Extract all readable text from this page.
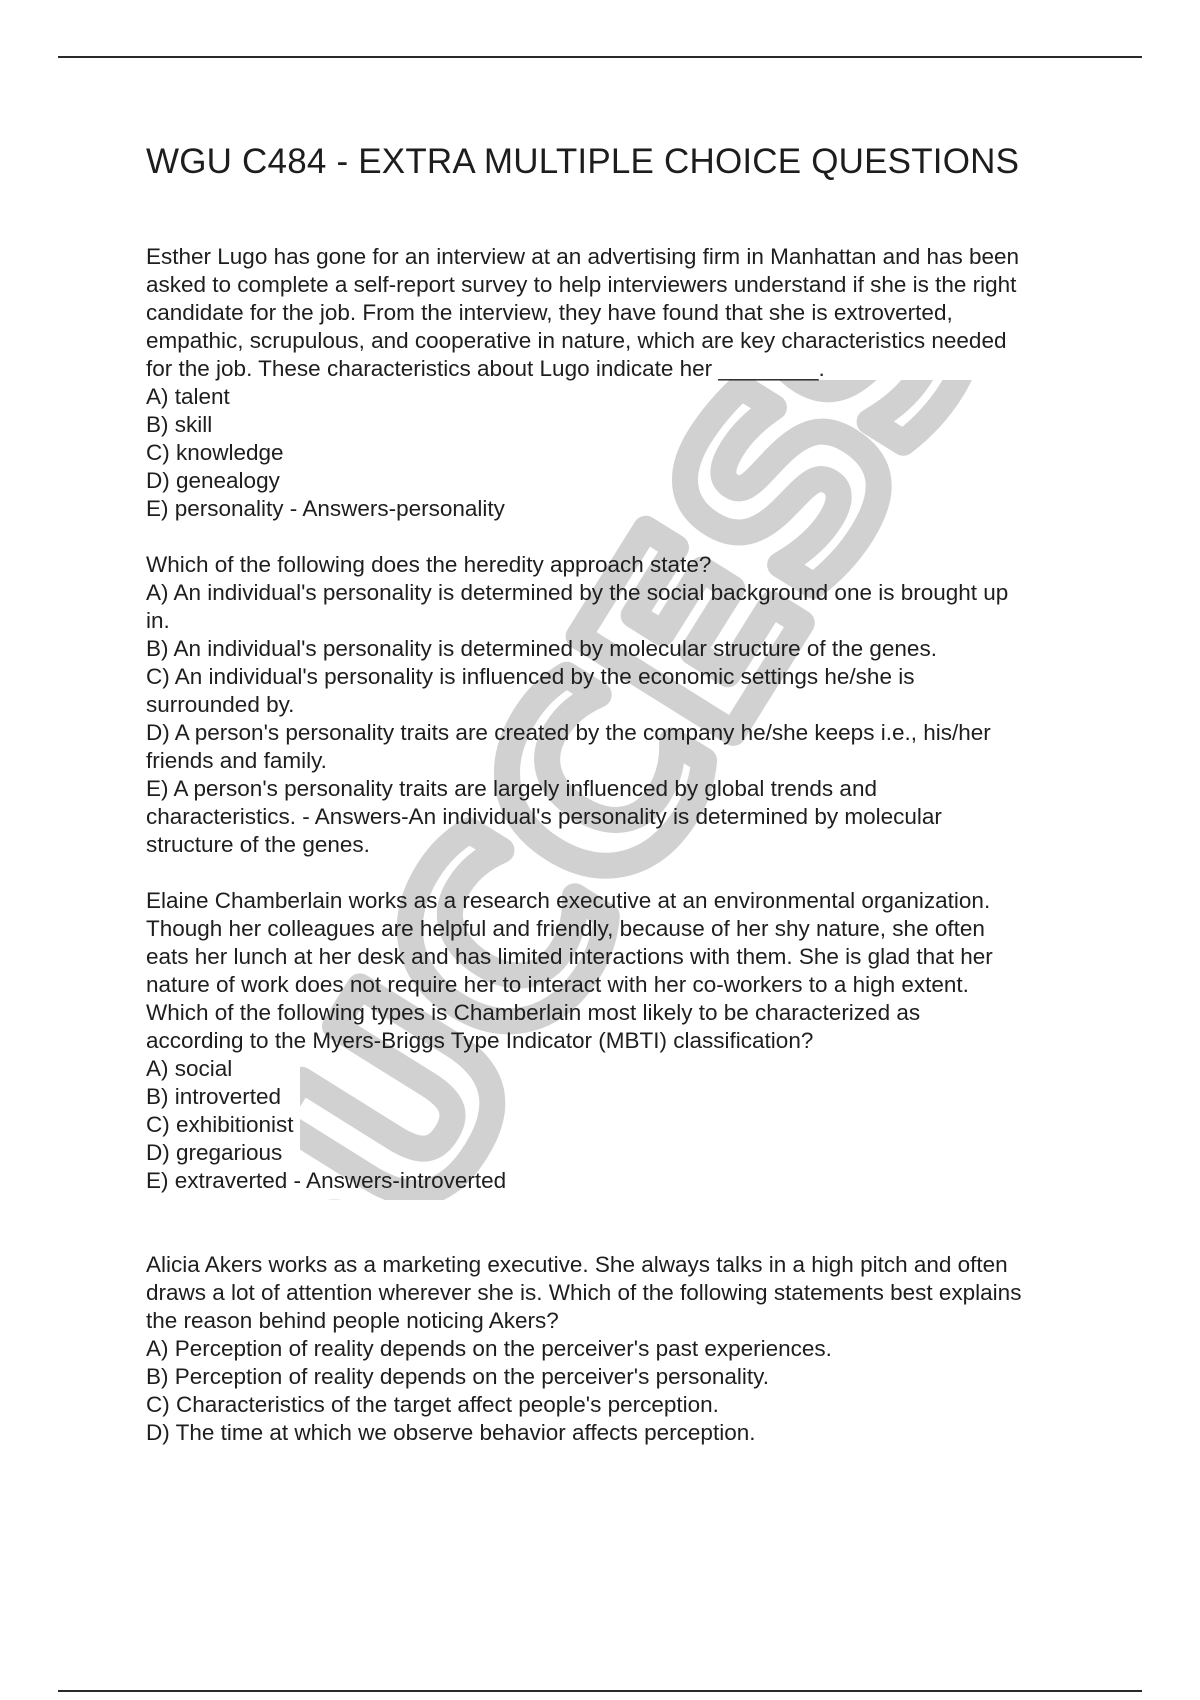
SUCCESS
WGU C484 - EXTRA MULTIPLE CHOICE QUESTIONS
Esther Lugo has gone for an interview at an advertising firm in Manhattan and has been
asked to complete a self-report survey to help interviewers understand if she is the right
candidate for the job. From the interview, they have found that she is extroverted,
empathic, scrupulous, and cooperative in nature, which are key characteristics needed
for the job. These characteristics about Lugo indicate her ________.
A) talent
B) skill
C) knowledge
D) genealogy
E) personality - Answers-personality
Which of the following does the heredity approach state?
A) An individual's personality is determined by the social background one is brought up
in.
B) An individual's personality is determined by molecular structure of the genes.
C) An individual's personality is influenced by the economic settings he/she is
surrounded by.
D) A person's personality traits are created by the company he/she keeps i.e., his/her
friends and family.
E) A person's personality traits are largely influenced by global trends and
characteristics. - Answers-An individual's personality is determined by molecular
structure of the genes.
Elaine Chamberlain works as a research executive at an environmental organization.
Though her colleagues are helpful and friendly, because of her shy nature, she often
eats her lunch at her desk and has limited interactions with them. She is glad that her
nature of work does not require her to interact with her co-workers to a high extent.
Which of the following types is Chamberlain most likely to be characterized as
according to the Myers-Briggs Type Indicator (MBTI) classification?
A) social
B) introverted
C) exhibitionist
D) gregarious
E) extraverted - Answers-introverted
Alicia Akers works as a marketing executive. She always talks in a high pitch and often
draws a lot of attention wherever she is. Which of the following statements best explains
the reason behind people noticing Akers?
A) Perception of reality depends on the perceiver's past experiences.
B) Perception of reality depends on the perceiver's personality.
C) Characteristics of the target affect people's perception.
D) The time at which we observe behavior affects perception.
